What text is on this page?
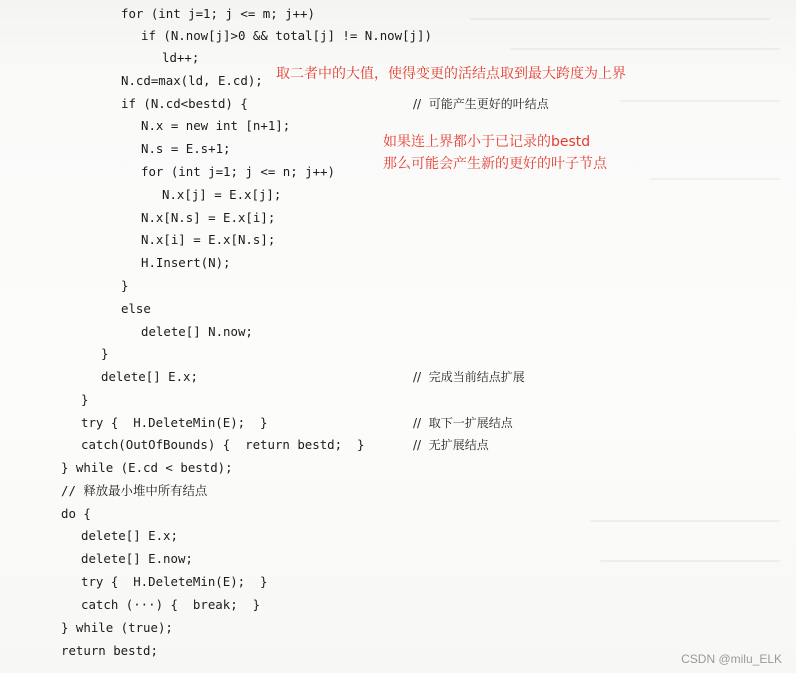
for (int j=1; j <= m; j++)
if (N.now[j]>0 && total[j] != N.now[j])
ld++;
N.cd=max(ld, E.cd);
if (N.cd<bestd) {
N.x = new int [n+1];
N.s = E.s+1;
for (int j=1; j <= n; j++)
N.x[j] = E.x[j];
N.x[N.s] = E.x[i];
N.x[i] = E.x[N.s];
H.Insert(N);
}
else
delete[] N.now;
}
delete[] E.x;
}
try {  H.DeleteMin(E);  }
catch(OutOfBounds) {  return bestd;  }
} while (E.cd < bestd);
// 释放最小堆中所有结点
do {
delete[] E.x;
delete[] E.now;
try {  H.DeleteMin(E);  }
catch (···) {  break;  }
} while (true);
return bestd;
//  可能产生更好的叶结点
//  完成当前结点扩展
//  取下一扩展结点
//  无扩展结点
取二者中的大值，使得变更的活结点取到最大跨度为上界
如果连上界都小于已记录的bestd
那么可能会产生新的更好的叶子节点
CSDN @milu_ELK
